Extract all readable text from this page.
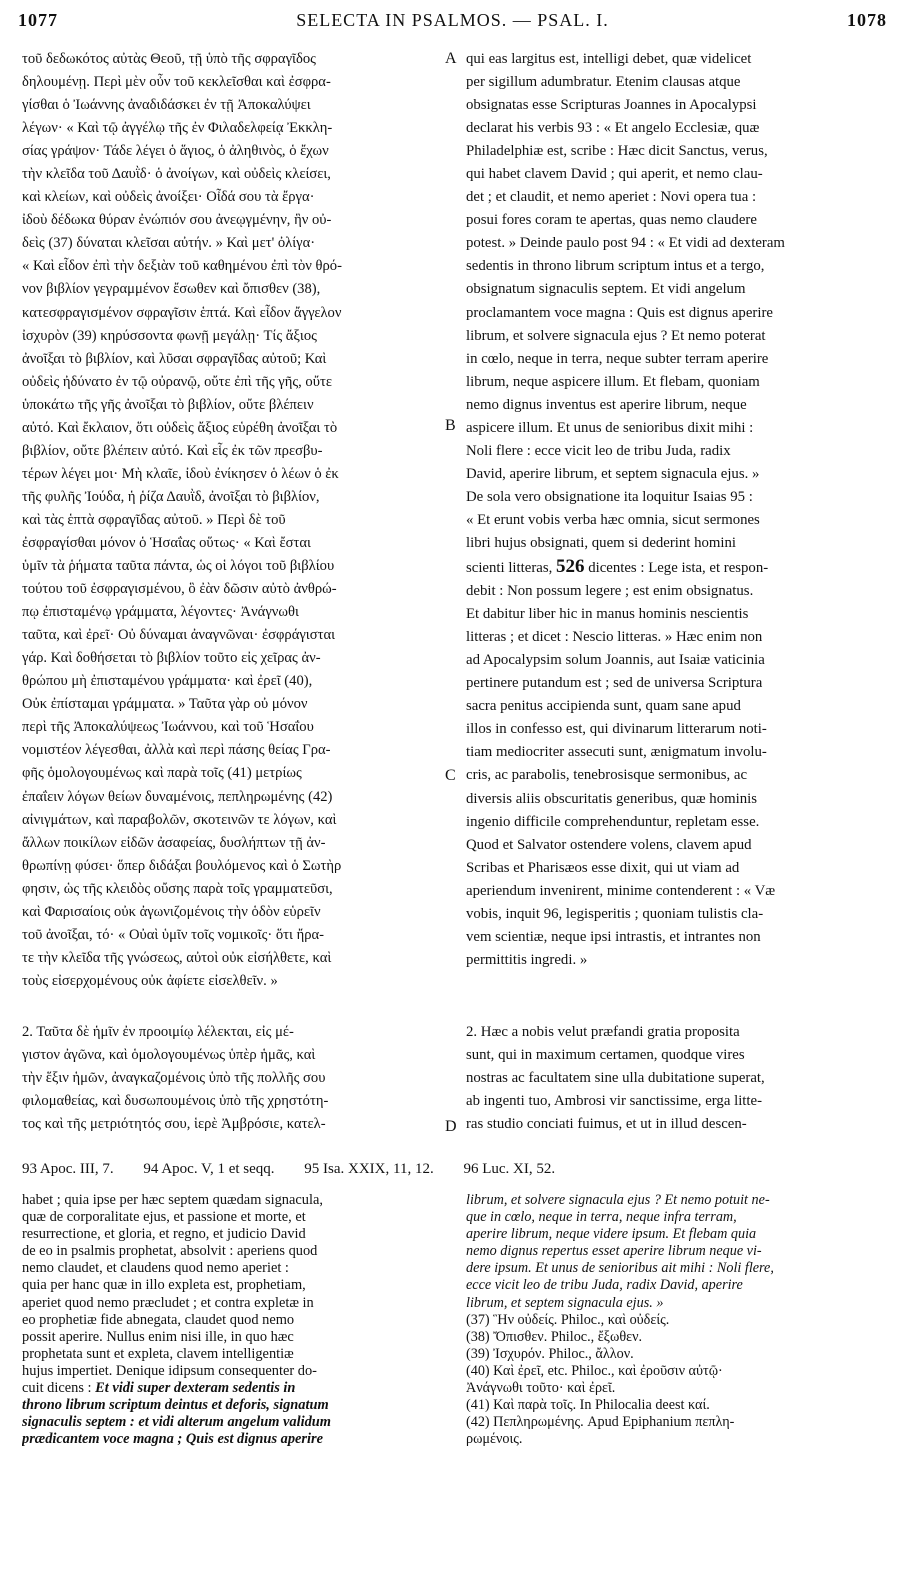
1077	SELECTA IN PSALMOS. — PSAL. I.	1078
A
B
C
D
τοῦ δεδωκότος αὐτὰς Θεοῦ, τῇ ὑπὸ τῆς σφραγῖδος
δηλουμένῃ. Περὶ μὲν οὖν τοῦ κεκλεῖσθαι καὶ ἐσφρα-
γίσθαι ὁ Ἰωάννης ἀναδιδάσκει ἐν τῇ Ἀποκαλύψει
λέγων· « Καὶ τῷ ἀγγέλῳ τῆς ἐν Φιλαδελφείᾳ Ἐκκλη-
σίας γράψον· Τάδε λέγει ὁ ἅγιος, ὁ ἀληθινὸς, ὁ ἔχων
τὴν κλεῖδα τοῦ Δαυῒδ· ὁ ἀνοίγων, καὶ οὐδεὶς κλείσει,
καὶ κλείων, καὶ οὐδεὶς ἀνοίξει· Οἶδά σου τὰ ἔργα·
ἰδοὺ δέδωκα θύραν ἐνώπιόν σου ἀνεῳγμένην, ἣν οὐ-
δεὶς (37) δύναται κλεῖσαι αὐτήν. » Καὶ μετ' ὀλίγα·
« Καὶ εἶδον ἐπὶ τὴν δεξιὰν τοῦ καθημένου ἐπὶ τὸν θρό-
νον βιβλίον γεγραμμένον ἔσωθεν καὶ ὄπισθεν (38),
κατεσφραγισμένον σφραγῖσιν ἑπτά. Καὶ εἶδον ἄγγελον
ἰσχυρὸν (39) κηρύσσοντα φωνῇ μεγάλῃ· Τίς ἄξιος
ἀνοῖξαι τὸ βιβλίον, καὶ λῦσαι σφραγῖδας αὐτοῦ; Καὶ
οὐδεὶς ἠδύνατο ἐν τῷ οὐρανῷ, οὔτε ἐπὶ τῆς γῆς, οὔτε
ὑποκάτω τῆς γῆς ἀνοῖξαι τὸ βιβλίον, οὔτε βλέπειν
αὐτό. Καὶ ἔκλαιον, ὅτι οὐδεὶς ἄξιος εὑρέθη ἀνοῖξαι τὸ
βιβλίον, οὔτε βλέπειν αὐτό. Καὶ εἷς ἐκ τῶν πρεσβυ-
τέρων λέγει μοι· Μὴ κλαῖε, ἰδοὺ ἐνίκησεν ὁ λέων ὁ ἐκ
τῆς φυλῆς Ἰούδα, ἡ ῥίζα Δαυῒδ, ἀνοῖξαι τὸ βιβλίον,
καὶ τὰς ἑπτὰ σφραγῖδας αὐτοῦ. » Περὶ δὲ τοῦ
ἐσφραγίσθαι μόνον ὁ Ἡσαΐας οὕτως· « Καὶ ἔσται
ὑμῖν τὰ ῥήματα ταῦτα πάντα, ὡς οἱ λόγοι τοῦ βιβλίου
τούτου τοῦ ἐσφραγισμένου, ὃ ἐὰν δῶσιν αὐτὸ ἀνθρώ-
πῳ ἐπισταμένῳ γράμματα, λέγοντες· Ἀνάγνωθι
ταῦτα, καὶ ἐρεῖ· Οὐ δύναμαι ἀναγνῶναι· ἐσφράγισται
γάρ. Καὶ δοθήσεται τὸ βιβλίον τοῦτο εἰς χεῖρας ἀν-
θρώπου μὴ ἐπισταμένου γράμματα· καὶ ἐρεῖ (40),
Οὐκ ἐπίσταμαι γράμματα. » Ταῦτα γὰρ οὐ μόνον
περὶ τῆς Ἀποκαλύψεως Ἰωάννου, καὶ τοῦ Ἡσαΐου
νομιστέον λέγεσθαι, ἀλλὰ καὶ περὶ πάσης θείας Γρα-
φῆς ὁμολογουμένως καὶ παρὰ τοῖς (41) μετρίως
ἐπαΐειν λόγων θείων δυναμένοις, πεπληρωμένης (42)
αἰνιγμάτων, καὶ παραβολῶν, σκοτεινῶν τε λόγων, καὶ
ἄλλων ποικίλων εἰδῶν ἀσαφείας, δυσλήπτων τῇ ἀν-
θρωπίνῃ φύσει· ὅπερ διδάξαι βουλόμενος καὶ ὁ Σωτὴρ
φησιν, ὡς τῆς κλειδὸς οὔσης παρὰ τοῖς γραμματεῦσι,
καὶ Φαρισαίοις οὐκ ἀγωνιζομένοις τὴν ὁδὸν εὑρεῖν
τοῦ ἀνοῖξαι, τό· « Οὐαὶ ὑμῖν τοῖς νομικοῖς· ὅτι ἤρα-
τε τὴν κλεῖδα τῆς γνώσεως, αὐτοὶ οὐκ εἰσήλθετε, καὶ
τοὺς εἰσερχομένους οὐκ ἀφίετε εἰσελθεῖν. »
qui eas largitus est, intelligi debet, quæ videlicet
per sigillum adumbratur. Etenim clausas atque
obsignatas esse Scripturas Joannes in Apocalypsi
declarat his verbis 93 : « Et angelo Ecclesiæ, quæ
Philadelphiæ est, scribe : Hæc dicit Sanctus, verus,
qui habet clavem David ; qui aperit, et nemo clau-
det ; et claudit, et nemo aperiet : Novi opera tua :
posui fores coram te apertas, quas nemo claudere
potest. » Deinde paulo post 94 : « Et vidi ad dexteram
sedentis in throno librum scriptum intus et a tergo,
obsignatum signaculis septem. Et vidi angelum
proclamantem voce magna : Quis est dignus aperire
librum, et solvere signacula ejus ? Et nemo poterat
in cœlo, neque in terra, neque subter terram aperire
librum, neque aspicere illum. Et flebam, quoniam
nemo dignus inventus est aperire librum, neque
aspicere illum. Et unus de senioribus dixit mihi :
Noli flere : ecce vicit leo de tribu Juda, radix
David, aperire librum, et septem signacula ejus. »
De sola vero obsignatione ita loquitur Isaias 95 :
« Et erunt vobis verba hæc omnia, sicut sermones
libri hujus obsignati, quem si dederint homini
scienti litteras, 526 dicentes : Lege ista, et respon-
debit : Non possum legere ; est enim obsignatus.
Et dabitur liber hic in manus hominis nescientis
litteras ; et dicet : Nescio litteras. » Hæc enim non
ad Apocalypsim solum Joannis, aut Isaiæ vaticinia
pertinere putandum est ; sed de universa Scriptura
sacra penitus accipienda sunt, quam sane apud
illos in confesso est, qui divinarum litterarum noti-
tiam mediocriter assecuti sunt, ænigmatum involu-
cris, ac parabolis, tenebrosisque sermonibus, ac
diversis aliis obscuritatis generibus, quæ hominis
ingenio difficile comprehenduntur, repletam esse.
Quod et Salvator ostendere volens, clavem apud
Scribas et Pharisæos esse dixit, qui ut viam ad
aperiendum invenirent, minime contenderent : « Væ
vobis, inquit 96, legisperitis ; quoniam tulistis cla-
vem scientiæ, neque ipsi intrastis, et intrantes non
permittitis ingredi. »
2. Ταῦτα δὲ ἡμῖν ἐν προοιμίῳ λέλεκται, εἰς μέ-
γιστον ἀγῶνα, καὶ ὁμολογουμένως ὑπὲρ ἡμᾶς, καὶ
τὴν ἕξιν ἡμῶν, ἀναγκαζομένοις ὑπὸ τῆς πολλῆς σου
φιλομαθείας, καὶ δυσωπουμένοις ὑπὸ τῆς χρηστότη-
τος καὶ τῆς μετριότητός σου, ἱερὲ Ἀμβρόσιε, κατελ-
2. Hæc a nobis velut præfandi gratia proposita
sunt, qui in maximum certamen, quodque vires
nostras ac facultatem sine ulla dubitatione superat,
ab ingenti tuo, Ambrosi vir sanctissime, erga litte-
ras studio conciati fuimus, et ut in illud descen-
93 Apoc. III, 7. 94 Apoc. V, 1 et seqq. 95 Isa. XXIX, 11, 12. 96 Luc. XI, 52.
habet ; quia ipse per hæc septem quædam signacula,
quæ de corporalitate ejus, et passione et morte, et
resurrectione, et gloria, et regno, et judicio David
de eo in psalmis prophetat, absolvit : aperiens quod
nemo claudet, et claudens quod nemo aperiet :
quia per hanc quæ in illo expleta est, prophetiam,
aperiet quod nemo præcludet ; et contra expletæ in
eo prophetiæ fide abnegata, claudet quod nemo
possit aperire. Nullus enim nisi ille, in quo hæc
prophetata sunt et expleta, clavem intelligentiæ
hujus impertiet. Denique idipsum consequenter do-
cuit dicens : Et vidi super dexteram sedentis in
throno librum scriptum deintus et deforis, signatum
signaculis septem : et vidi alterum angelum validum
prædicantem voce magna ; Quis est dignus aperire
librum, et solvere signacula ejus ? Et nemo potuit ne-
que in cœlo, neque in terra, neque infra terram,
aperire librum, neque videre ipsum. Et flebam quia
nemo dignus repertus esset aperire librum neque vi-
dere ipsum. Et unus de senioribus ait mihi : Noli flere,
ecce vicit leo de tribu Juda, radix David, aperire
librum, et septem signacula ejus. »
(37) Ἣν οὐδείς. Philoc., καὶ οὐδείς.
(38) Ὄπισθεν. Philoc., ἔξωθεν.
(39) Ἰσχυρόν. Philoc., ἄλλον.
(40) Καὶ ἐρεῖ, etc. Philoc., καὶ ἐροῦσιν αὐτῷ·
Ἀνάγνωθι τοῦτο· καὶ ἐρεῖ.
(41) Καὶ παρὰ τοῖς. In Philocalia deest καί.
(42) Πεπληρωμένης. Apud Epiphanium πεπλη-
ρωμένοις.
